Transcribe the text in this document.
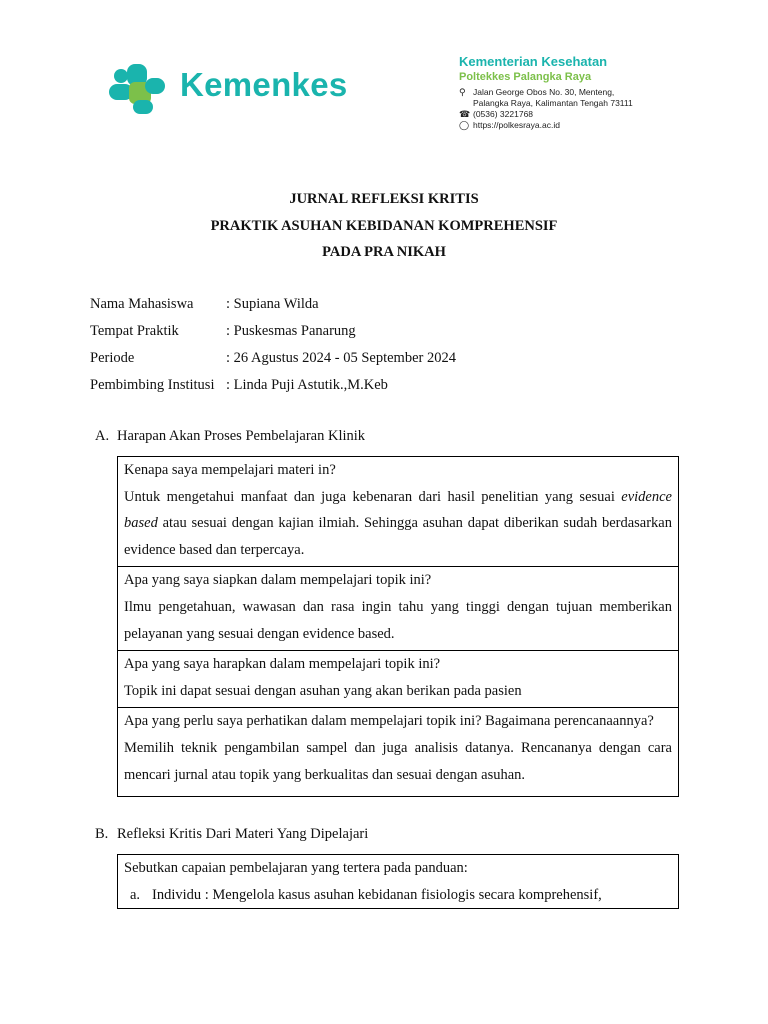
Kemenkes
Kementerian Kesehatan
Poltekkes Palangka Raya
⚲ Jalan George Obos No. 30, Menteng,
Palangka Raya, Kalimantan Tengah 73111
☎ (0536) 3221768
◯ https://polkesraya.ac.id
JURNAL REFLEKSI KRITIS
PRAKTIK ASUHAN KEBIDANAN KOMPREHENSIF
PADA PRA NIKAH
Nama Mahasiswa	: Supiana Wilda
Tempat Praktik	: Puskesmas Panarung
Periode	: 26 Agustus 2024 - 05 September 2024
Pembimbing Institusi : Linda Puji Astutik.,M.Keb
A. Harapan Akan Proses Pembelajaran Klinik

Kenapa saya mempelajari materi in?

Untuk mengetahui manfaat dan juga kebenaran dari hasil penelitian yang sesuai evidence based atau sesuai dengan kajian ilmiah. Sehingga asuhan dapat diberikan sudah berdasarkan evidence based dan terpercaya.

Apa yang saya siapkan dalam mempelajari topik ini?

Ilmu pengetahuan, wawasan dan rasa ingin tahu yang tinggi dengan tujuan memberikan pelayanan yang sesuai dengan evidence based.

Apa yang saya harapkan dalam mempelajari topik ini?

Topik ini dapat sesuai dengan asuhan yang akan berikan pada pasien

Apa yang perlu saya perhatikan dalam mempelajari topik ini? Bagaimana perencanaannya?

Memilih teknik pengambilan sampel dan juga analisis datanya. Rencananya dengan cara mencari jurnal atau topik yang berkualitas dan sesuai dengan asuhan.

B. Refleksi Kritis Dari Materi Yang Dipelajari

Sebutkan capaian pembelajaran yang tertera pada panduan:

a. Individu : Mengelola kasus asuhan kebidanan fisiologis secara komprehensif,
